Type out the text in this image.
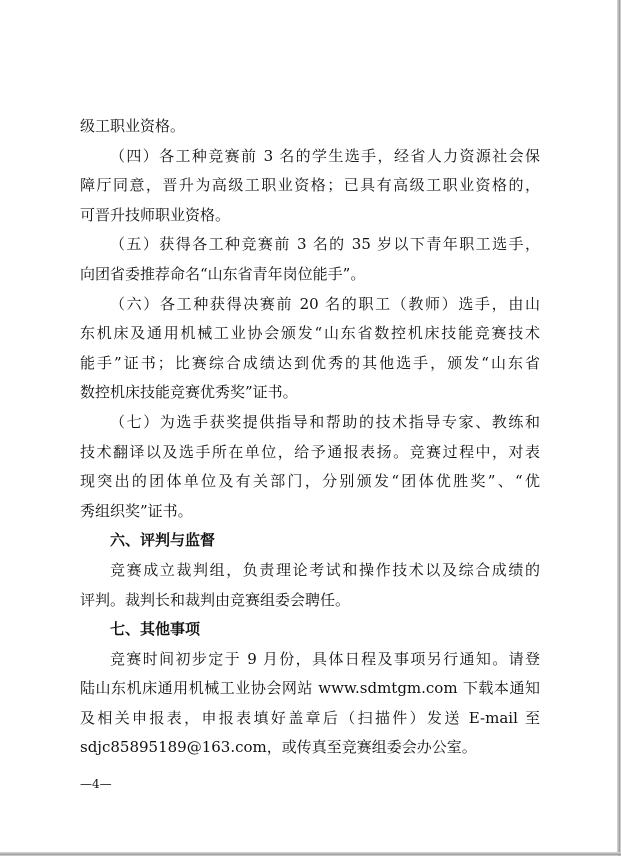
级工职业资格。
（四）各工种竞赛前 3 名的学生选手，经省人力资源社会保
障厅同意，晋升为高级工职业资格；已具有高级工职业资格的，
可晋升技师职业资格。
（五）获得各工种竞赛前 3 名的 35 岁以下青年职工选手，
向团省委推荐命名“山东省青年岗位能手”。
（六）各工种获得决赛前 20 名的职工（教师）选手，由山
东机床及通用机械工业协会颁发“山东省数控机床技能竞赛技术
能手”证书；比赛综合成绩达到优秀的其他选手，颁发“山东省
数控机床技能竞赛优秀奖”证书。
（七）为选手获奖提供指导和帮助的技术指导专家、教练和
技术翻译以及选手所在单位，给予通报表扬。竞赛过程中，对表
现突出的团体单位及有关部门，分别颁发“团体优胜奖”、“优
秀组织奖”证书。
六、评判与监督
竞赛成立裁判组，负责理论考试和操作技术以及综合成绩的
评判。裁判长和裁判由竞赛组委会聘任。
七、其他事项
竞赛时间初步定于 9 月份，具体日程及事项另行通知。请登
陆山东机床通用机械工业协会网站 www.sdmtgm.com 下载本通知
及相关申报表，申报表填好盖章后（扫描件）发送 E-mail 至
sdjc85895189@163.com，或传真至竞赛组委会办公室。
—4—
